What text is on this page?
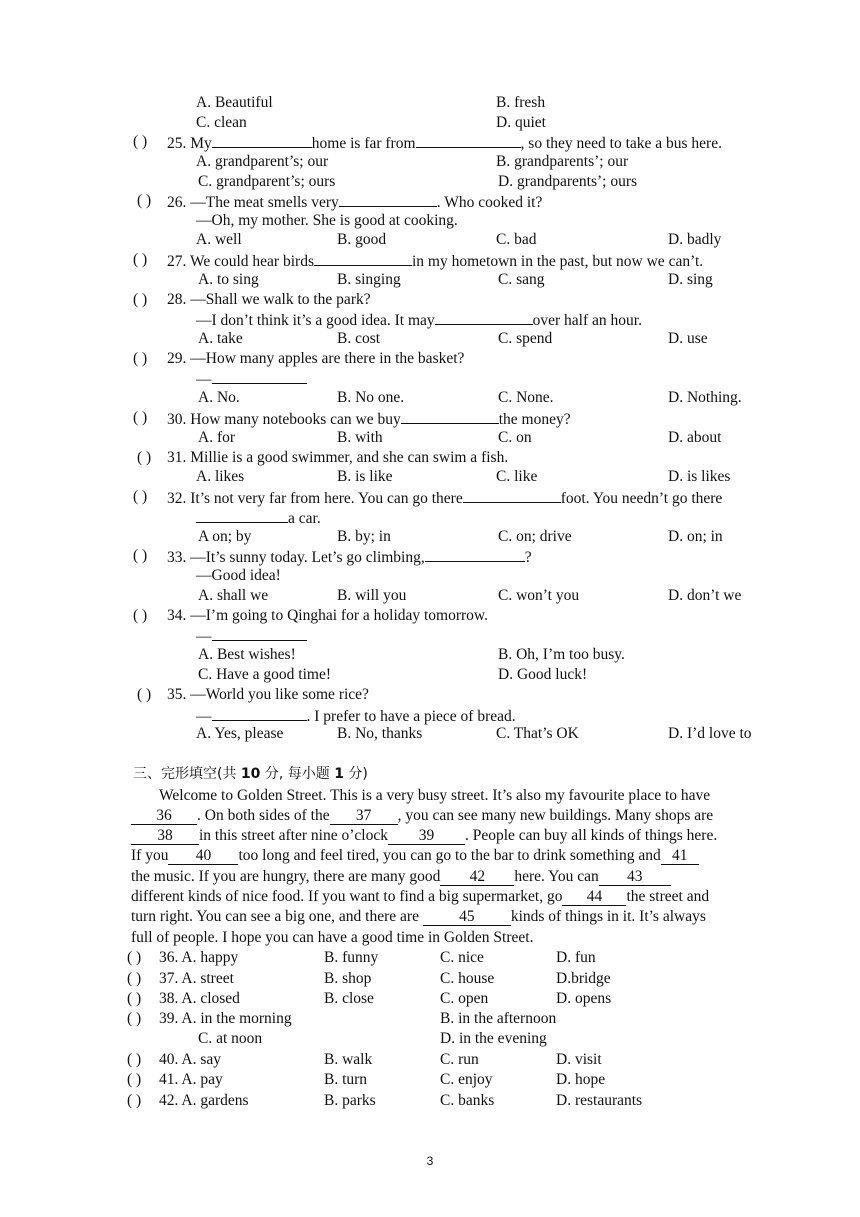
A. Beautiful	B. fresh
C. clean	D. quiet
( ) 25. My	home is far from	, so they need to take a bus here.
A. grandparent’s; our	B. grandparents’; our
C. grandparent’s; ours	D. grandparents’; ours
( ) 26. —The meat smells very	. Who cooked it?
—Oh, my mother. She is good at cooking.
A. well	B. good	C. bad	D. badly
( ) 27. We could hear birds	in my hometown in the past, but now we can’t.
A. to sing	B. singing	C. sang	D. sing
( ) 28. —Shall we walk to the park?
—I don’t think it’s a good idea. It may	over half an hour.
A. take	B. cost	C. spend	D. use
( ) 29. —How many apples are there in the basket?
—
A. No.	B. No one.	C. None.	D. Nothing.
( ) 30. How many notebooks can we buy	the money?
A. for	B. with	C. on	D. about
( ) 31. Millie is a good swimmer, and she can swim a fish.
A. likes	B. is like	C. like	D. is likes
( ) 32. It’s not very far from here. You can go there	foot. You needn’t go there
a car.
A on; by	B. by; in	C. on; drive	D. on; in
( ) 33. —It’s sunny today. Let’s go climbing,	?
—Good idea!
A. shall we	B. will you	C. won’t you	D. don’t we
( ) 34. —I’m going to Qinghai for a holiday tomorrow.
—
A. Best wishes!	B. Oh, I’m too busy.
C. Have a good time!	D. Good luck!
( ) 35. —World you like some rice?
—	. I prefer to have a piece of bread.
A. Yes, please	B. No, thanks	C. That’s OK	D. I’d love to
三、完形填空(共 10 分, 每小题 1 分)
Welcome to Golden Street. This is a very busy street. It’s also my favourite place to have
36 . On both sides of the 37 , you can see many new buildings. Many shops are
38 in this street after nine o’clock 39 . People can buy all kinds of things here.
If you 40 too long and feel tired, you can go to the bar to drink something and 41
the music. If you are hungry, there are many good 42 here. You can 43
different kinds of nice food. If you want to find a big supermarket, go 44 the street and
turn right. You can see a big one, and there are 45 kinds of things in it. It’s always
full of people. I hope you can have a good time in Golden Street.
( ) 36. A. happy	B. funny	C. nice	D. fun
( ) 37. A. street	B. shop	C. house	D.bridge
( ) 38. A. closed	B. close	C. open	D. opens
( ) 39. A. in the morning	B. in the afternoon
C. at noon	D. in the evening
( ) 40. A. say	B. walk	C. run	D. visit
( ) 41. A. pay	B. turn	C. enjoy	D. hope
( ) 42. A. gardens	B. parks	C. banks	D. restaurants
3
